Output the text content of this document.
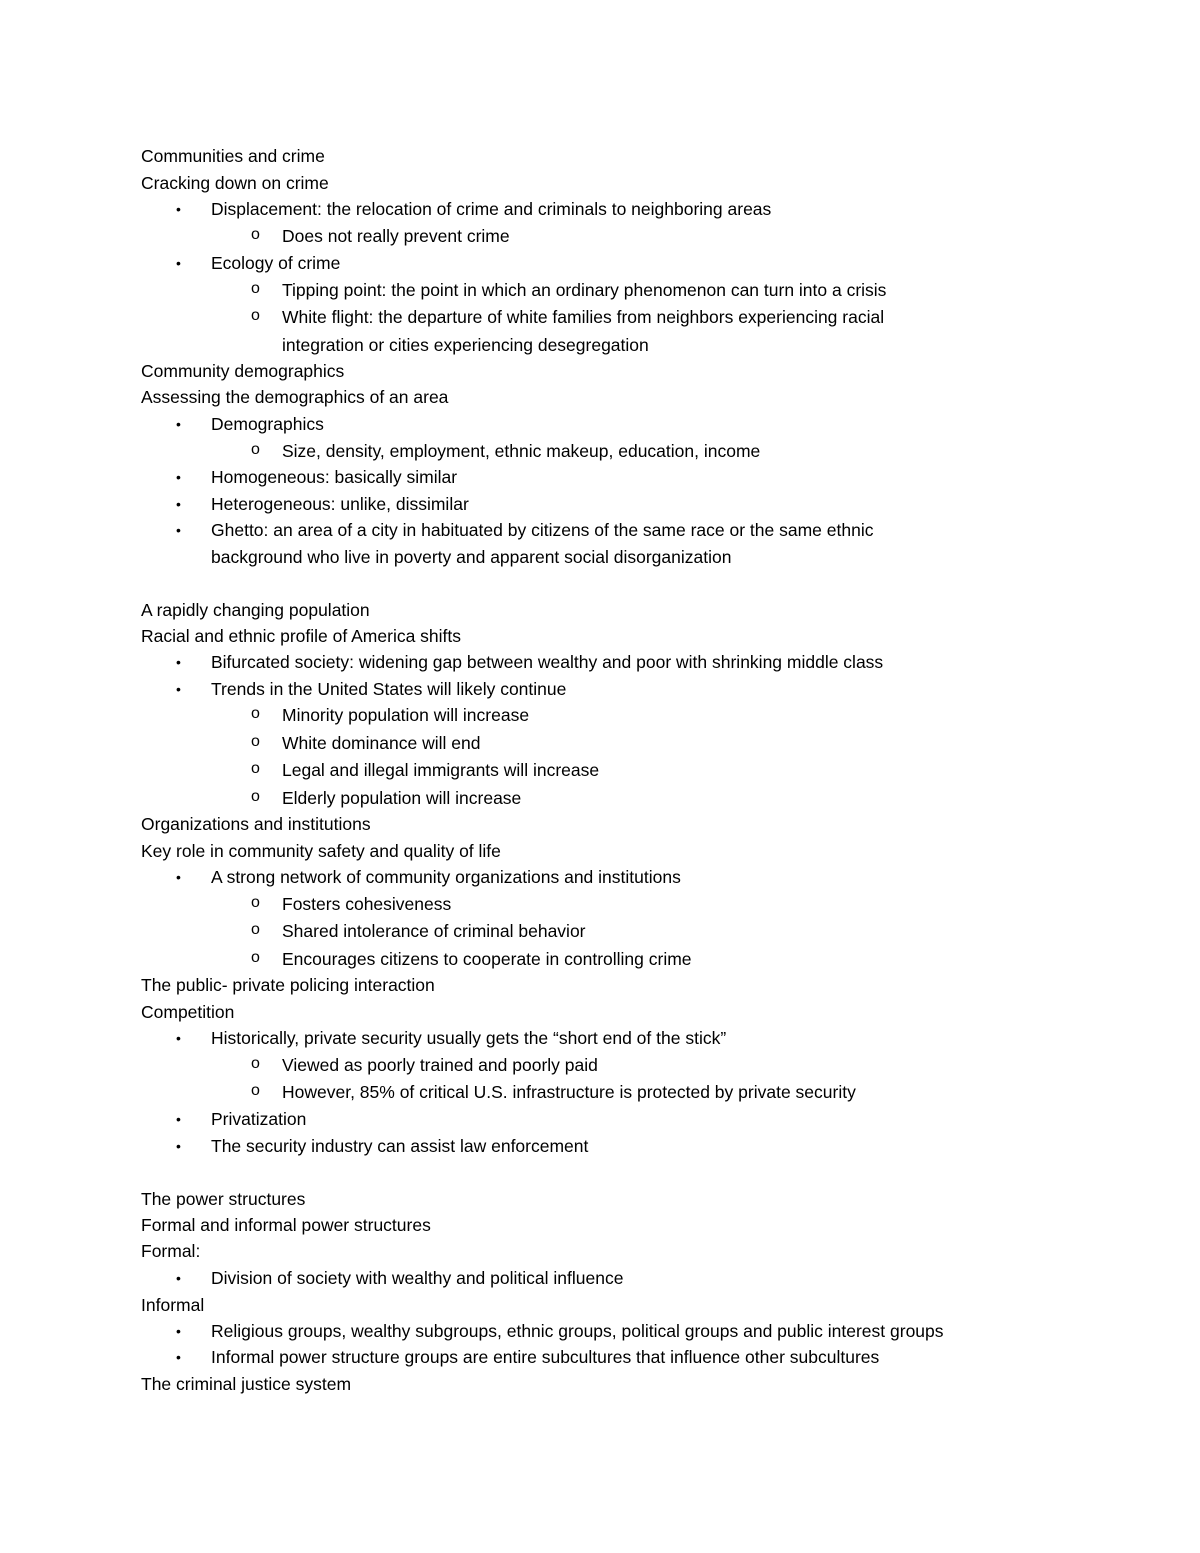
Communities and crime
Cracking down on crime
• Displacement: the relocation of crime and criminals to neighboring areas
o Does not really prevent crime
• Ecology of crime
o Tipping point: the point in which an ordinary phenomenon can turn into a crisis
o White flight: the departure of white families from neighbors experiencing racial
integration or cities experiencing desegregation
Community demographics
Assessing the demographics of an area
• Demographics
o Size, density, employment, ethnic makeup, education, income
• Homogeneous: basically similar
• Heterogeneous: unlike, dissimilar
• Ghetto: an area of a city in habituated by citizens of the same race or the same ethnic
background who live in poverty and apparent social disorganization
A rapidly changing population
Racial and ethnic profile of America shifts
• Bifurcated society: widening gap between wealthy and poor with shrinking middle class
• Trends in the United States will likely continue
o Minority population will increase
o White dominance will end
o Legal and illegal immigrants will increase
o Elderly population will increase
Organizations and institutions
Key role in community safety and quality of life
• A strong network of community organizations and institutions
o Fosters cohesiveness
o Shared intolerance of criminal behavior
o Encourages citizens to cooperate in controlling crime
The public- private policing interaction
Competition
• Historically, private security usually gets the “short end of the stick”
o Viewed as poorly trained and poorly paid
o However, 85% of critical U.S. infrastructure is protected by private security
• Privatization
• The security industry can assist law enforcement
The power structures
Formal and informal power structures
Formal:
• Division of society with wealthy and political influence
Informal
• Religious groups, wealthy subgroups, ethnic groups, political groups and public interest groups
• Informal power structure groups are entire subcultures that influence other subcultures
The criminal justice system
